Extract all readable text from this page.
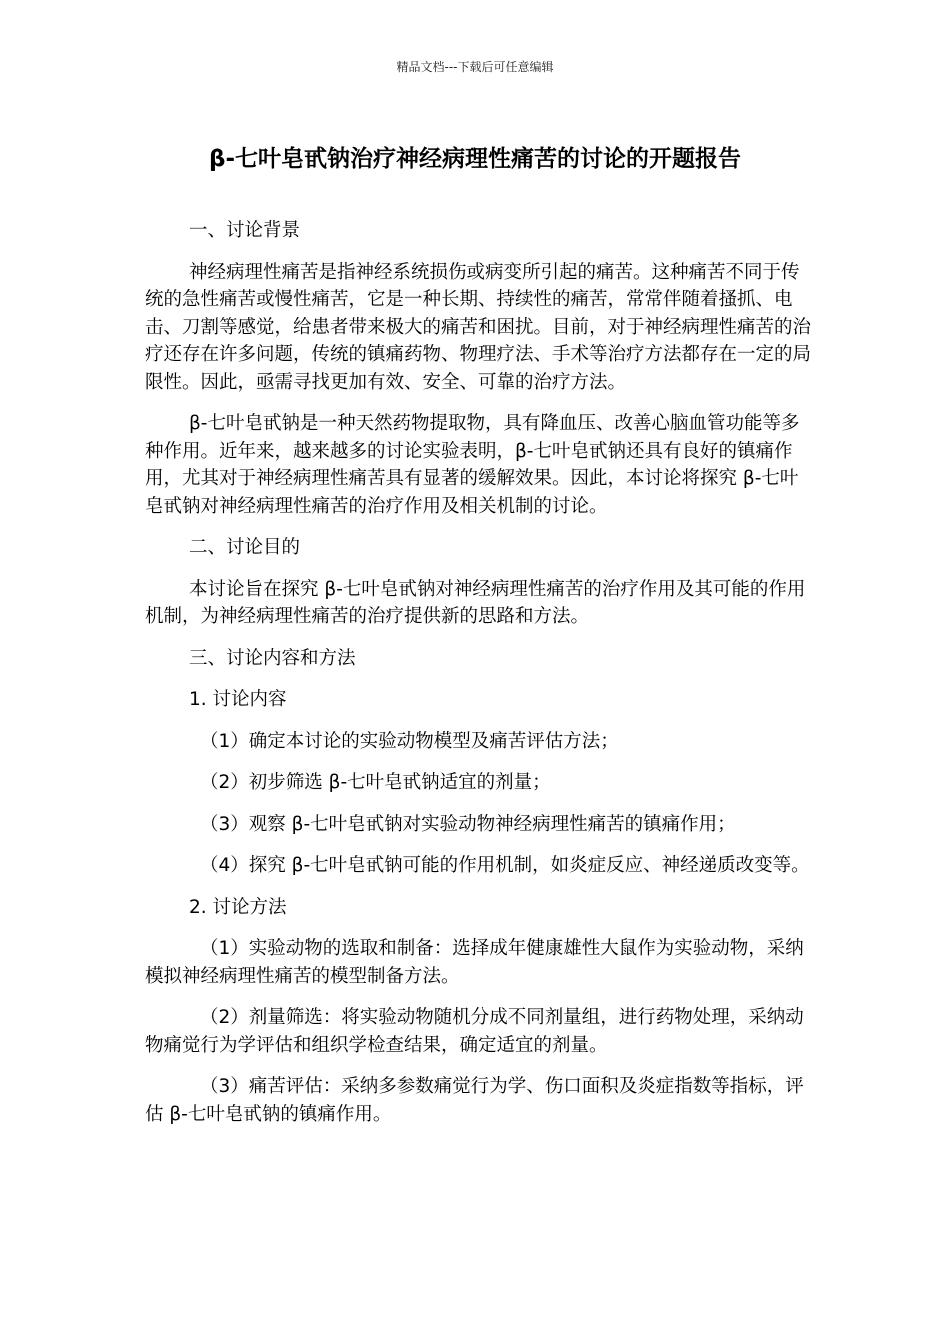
精品文档---下载后可任意编辑
β-七叶皂甙钠治疗神经病理性痛苦的讨论的开题报告

一、讨论背景

神经病理性痛苦是指神经系统损伤或病变所引起的痛苦。这种痛苦不同于传统的急性痛苦或慢性痛苦，它是一种长期、持续性的痛苦，常常伴随着搔抓、电击、刀割等感觉，给患者带来极大的痛苦和困扰。目前，对于神经病理性痛苦的治疗还存在许多问题，传统的镇痛药物、物理疗法、手术等治疗方法都存在一定的局限性。因此，亟需寻找更加有效、安全、可靠的治疗方法。

β-七叶皂甙钠是一种天然药物提取物，具有降血压、改善心脑血管功能等多种作用。近年来，越来越多的讨论实验表明，β-七叶皂甙钠还具有良好的镇痛作用，尤其对于神经病理性痛苦具有显著的缓解效果。因此，本讨论将探究 β-七叶皂甙钠对神经病理性痛苦的治疗作用及相关机制的讨论。

二、讨论目的

本讨论旨在探究 β-七叶皂甙钠对神经病理性痛苦的治疗作用及其可能的作用机制，为神经病理性痛苦的治疗提供新的思路和方法。

三、讨论内容和方法

1. 讨论内容

（1）确定本讨论的实验动物模型及痛苦评估方法；

（2）初步筛选 β-七叶皂甙钠适宜的剂量；

（3）观察 β-七叶皂甙钠对实验动物神经病理性痛苦的镇痛作用；

（4）探究 β-七叶皂甙钠可能的作用机制，如炎症反应、神经递质改变等。

2. 讨论方法

（1）实验动物的选取和制备：选择成年健康雄性大鼠作为实验动物，采纳模拟神经病理性痛苦的模型制备方法。

（2）剂量筛选：将实验动物随机分成不同剂量组，进行药物处理，采纳动物痛觉行为学评估和组织学检查结果，确定适宜的剂量。

（3）痛苦评估：采纳多参数痛觉行为学、伤口面积及炎症指数等指标，评估 β-七叶皂甙钠的镇痛作用。
